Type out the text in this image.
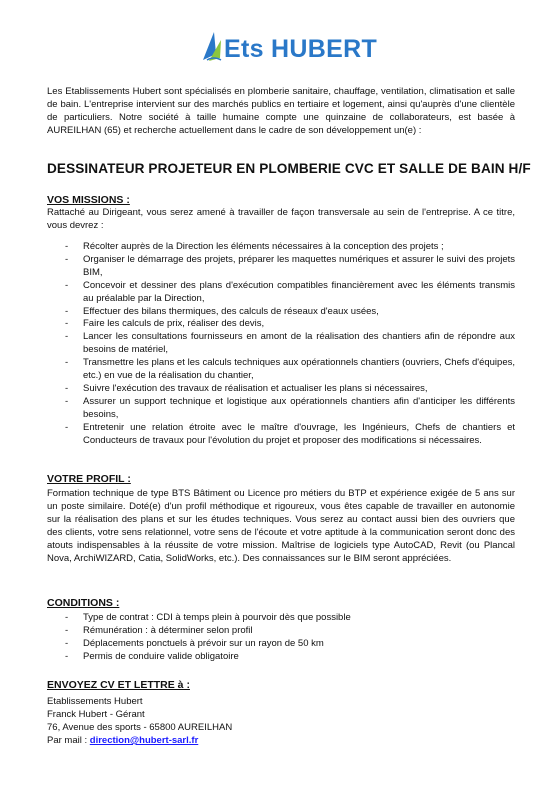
Ets HUBERT
Les Etablissements Hubert sont spécialisés en plomberie sanitaire, chauffage, ventilation, climatisation et salle de bain. L'entreprise intervient sur des marchés publics en tertiaire et logement, ainsi qu'auprès d'une clientèle de particuliers. Notre société à taille humaine compte une quinzaine de collaborateurs, est basée à AUREILHAN (65) et recherche actuellement dans le cadre de son développement un(e) :
DESSINATEUR PROJETEUR EN PLOMBERIE CVC ET SALLE DE BAIN H/F
VOS MISSIONS :
Rattaché au Dirigeant, vous serez amené à travailler de façon transversale au sein de l'entreprise. A ce titre, vous devrez :
- Récolter auprès de la Direction les éléments nécessaires à la conception des projets ;
- Organiser le démarrage des projets, préparer les maquettes numériques et assurer le suivi des projets BIM,
- Concevoir et dessiner des plans d'exécution compatibles financièrement avec les éléments transmis au préalable par la Direction,
- Effectuer des bilans thermiques, des calculs de réseaux d'eaux usées,
- Faire les calculs de prix, réaliser des devis,
- Lancer les consultations fournisseurs en amont de la réalisation des chantiers afin de répondre aux besoins de matériel,
- Transmettre les plans et les calculs techniques aux opérationnels chantiers (ouvriers, Chefs d'équipes, etc.) en vue de la réalisation du chantier,
- Suivre l'exécution des travaux de réalisation et actualiser les plans si nécessaires,
- Assurer un support technique et logistique aux opérationnels chantiers afin d'anticiper les différents besoins,
- Entretenir une relation étroite avec le maître d'ouvrage, les Ingénieurs, Chefs de chantiers et Conducteurs de travaux pour l'évolution du projet et proposer des modifications si nécessaires.
VOTRE PROFIL :
Formation technique de type BTS Bâtiment ou Licence pro métiers du BTP et expérience exigée de 5 ans sur un poste similaire. Doté(e) d'un profil méthodique et rigoureux, vous êtes capable de travailler en autonomie sur la réalisation des plans et sur les études techniques. Vous serez au contact aussi bien des ouvriers que des clients, votre sens relationnel, votre sens de l'écoute et votre aptitude à la communication seront donc des atouts indispensables à la réussite de votre mission. Maîtrise de logiciels type AutoCAD, Revit (ou Plancal Nova, ArchiWIZARD, Catia, SolidWorks, etc.). Des connaissances sur le BIM seront appréciées.
CONDITIONS :
- Type de contrat : CDI à temps plein à pourvoir dès que possible
- Rémunération : à déterminer selon profil
- Déplacements ponctuels à prévoir sur un rayon de 50 km
- Permis de conduire valide obligatoire
ENVOYEZ CV ET LETTRE à :
Etablissements Hubert
Franck Hubert - Gérant
76, Avenue des sports - 65800 AUREILHAN
Par mail : direction@hubert-sarl.fr
